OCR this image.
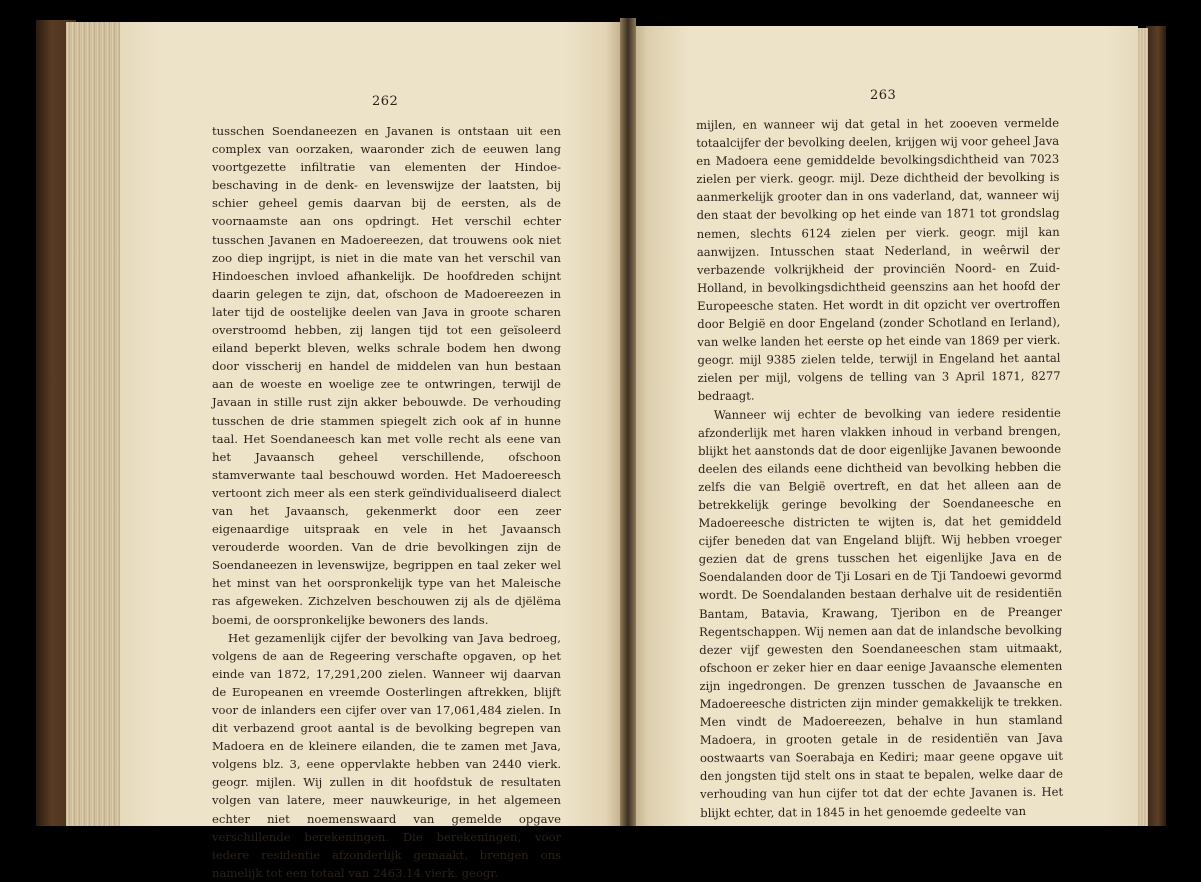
262

tusschen Soendaneezen en Javanen is ontstaan uit een complex van oorzaken, waaronder zich de eeuwen lang voortgezette infiltratie van elementen der Hindoe-beschaving in de denk- en levenswijze der laatsten, bij schier geheel gemis daarvan bij de eersten, als de voornaamste aan ons opdringt. Het verschil echter tusschen Javanen en Madoereezen, dat trouwens ook niet zoo diep ingrijpt, is niet in die mate van het verschil van Hindoeschen invloed afhankelijk. De hoofdreden schijnt daarin gelegen te zijn, dat, ofschoon de Madoereezen in later tijd de oostelijke deelen van Java in groote scharen overstroomd hebben, zij langen tijd tot een geïsoleerd eiland beperkt bleven, welks schrale bodem hen dwong door visscherij en handel de middelen van hun bestaan aan de woeste en woelige zee te ontwringen, terwijl de Javaan in stille rust zijn akker bebouwde. De verhouding tusschen de drie stammen spiegelt zich ook af in hunne taal. Het Soendaneesch kan met volle recht als eene van het Javaansch geheel verschillende, ofschoon stamverwante taal beschouwd worden. Het Madoereesch vertoont zich meer als een sterk geïndividualiseerd dialect van het Javaansch, gekenmerkt door een zeer eigenaardige uitspraak en vele in het Javaansch verouderde woorden. Van de drie bevolkingen zijn de Soendaneezen in levenswijze, begrippen en taal zeker wel het minst van het oorspronkelijk type van het Maleische ras afgeweken. Zichzelven beschouwen zij als de djëlëma boemi, de oorspronkelijke bewoners des lands.

Het gezamenlijk cijfer der bevolking van Java bedroeg, volgens de aan de Regeering verschafte opgaven, op het einde van 1872, 17,291,200 zielen. Wanneer wij daarvan de Europeanen en vreemde Oosterlingen aftrekken, blijft voor de inlanders een cijfer over van 17,061,484 zielen. In dit verbazend groot aantal is de bevolking begrepen van Madoera en de kleinere eilanden, die te zamen met Java, volgens blz. 3, eene oppervlakte hebben van 2440 vierk. geogr. mijlen. Wij zullen in dit hoofdstuk de resultaten volgen van latere, meer nauwkeurige, in het algemeen echter niet noemenswaard van gemelde opgave verschillende berekeningen. Die berekeningen, voor iedere residentie afzonderlijk gemaakt, brengen ons namelijk tot een totaal van 2463.14 vierk. geogr.

263

mijlen, en wanneer wij dat getal in het zooeven vermelde totaalcijfer der bevolking deelen, krijgen wij voor geheel Java en Madoera eene gemiddelde bevolkingsdichtheid van 7023 zielen per vierk. geogr. mijl. Deze dichtheid der bevolking is aanmerkelijk grooter dan in ons vaderland, dat, wanneer wij den staat der bevolking op het einde van 1871 tot grondslag nemen, slechts 6124 zielen per vierk. geogr. mijl kan aanwijzen. Intusschen staat Nederland, in weêrwil der verbazende volkrijkheid der provinciën Noord- en Zuid-Holland, in bevolkingsdichtheid geenszins aan het hoofd der Europeesche staten. Het wordt in dit opzicht ver overtroffen door België en door Engeland (zonder Schotland en Ierland), van welke landen het eerste op het einde van 1869 per vierk. geogr. mijl 9385 zielen telde, terwijl in Engeland het aantal zielen per mijl, volgens de telling van 3 April 1871, 8277 bedraagt.

Wanneer wij echter de bevolking van iedere residentie afzonderlijk met haren vlakken inhoud in verband brengen, blijkt het aanstonds dat de door eigenlijke Javanen bewoonde deelen des eilands eene dichtheid van bevolking hebben die zelfs die van België overtreft, en dat het alleen aan de betrekkelijk geringe bevolking der Soendaneesche en Madoereesche districten te wijten is, dat het gemiddeld cijfer beneden dat van Engeland blijft. Wij hebben vroeger gezien dat de grens tusschen het eigenlijke Java en de Soendalanden door de Tji Losari en de Tji Tandoewi gevormd wordt. De Soendalanden bestaan derhalve uit de residentiën Bantam, Batavia, Krawang, Tjeribon en de Preanger Regentschappen. Wij nemen aan dat de inlandsche bevolking dezer vijf gewesten den Soendaneeschen stam uitmaakt, ofschoon er zeker hier en daar eenige Javaansche elementen zijn ingedrongen. De grenzen tusschen de Javaansche en Madoereesche districten zijn minder gemakkelijk te trekken. Men vindt de Madoereezen, behalve in hun stamland Madoera, in grooten getale in de residentiën van Java oostwaarts van Soerabaja en Kediri; maar geene opgave uit den jongsten tijd stelt ons in staat te bepalen, welke daar de verhouding van hun cijfer tot dat der echte Javanen is. Het blijkt echter, dat in 1845 in het genoemde gedeelte van
